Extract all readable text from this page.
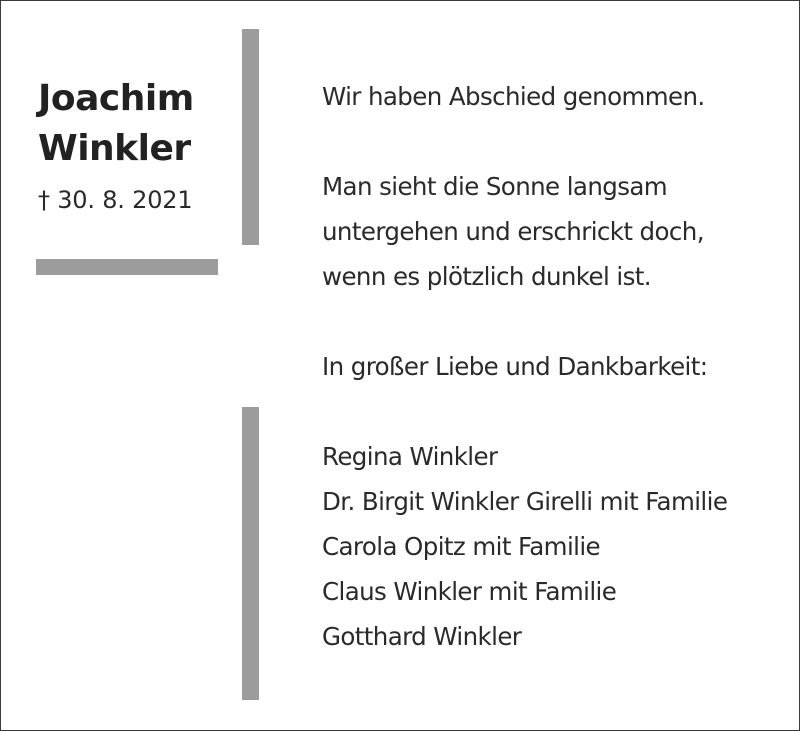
Joachim
Winkler
† 30. 8. 2021

Wir haben Abschied genommen.

Man sieht die Sonne langsam

untergehen und erschrickt doch,

wenn es plötzlich dunkel ist.

In großer Liebe und Dankbarkeit:

Regina Winkler

Dr. Birgit Winkler Girelli mit Familie

Carola Opitz mit Familie

Claus Winkler mit Familie

Gotthard Winkler
